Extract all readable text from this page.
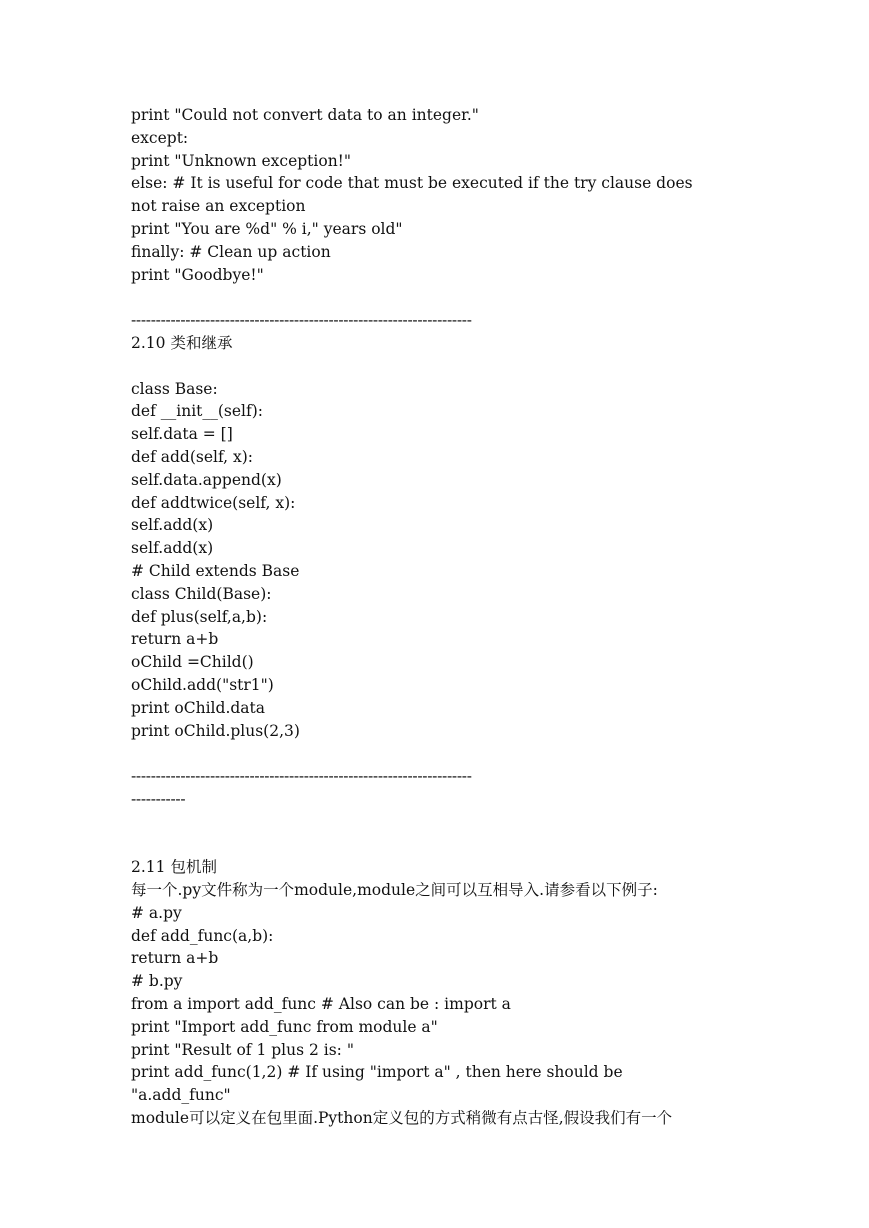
print "Could not convert data to an integer."
except:
print "Unknown exception!"
else: # It is useful for code that must be executed if the try clause does
not raise an exception
print "You are %d" % i," years old"
finally: # Clean up action
print "Goodbye!"
---------------------------------------------------------------------
2.10 类和继承
class Base:
def __init__(self):
self.data = []
def add(self, x):
self.data.append(x)
def addtwice(self, x):
self.add(x)
self.add(x)
# Child extends Base
class Child(Base):
def plus(self,a,b):
return a+b
oChild =Child()
oChild.add("str1")
print oChild.data
print oChild.plus(2,3)
---------------------------------------------------------------------
-----------
2.11 包机制
每一个.py文件称为一个module,module之间可以互相导入.请参看以下例子:
# a.py
def add_func(a,b):
return a+b
# b.py
from a import add_func # Also can be : import a
print "Import add_func from module a"
print "Result of 1 plus 2 is: "
print add_func(1,2) # If using "import a" , then here should be
"a.add_func"
module可以定义在包里面.Python定义包的方式稍微有点古怪,假设我们有一个
